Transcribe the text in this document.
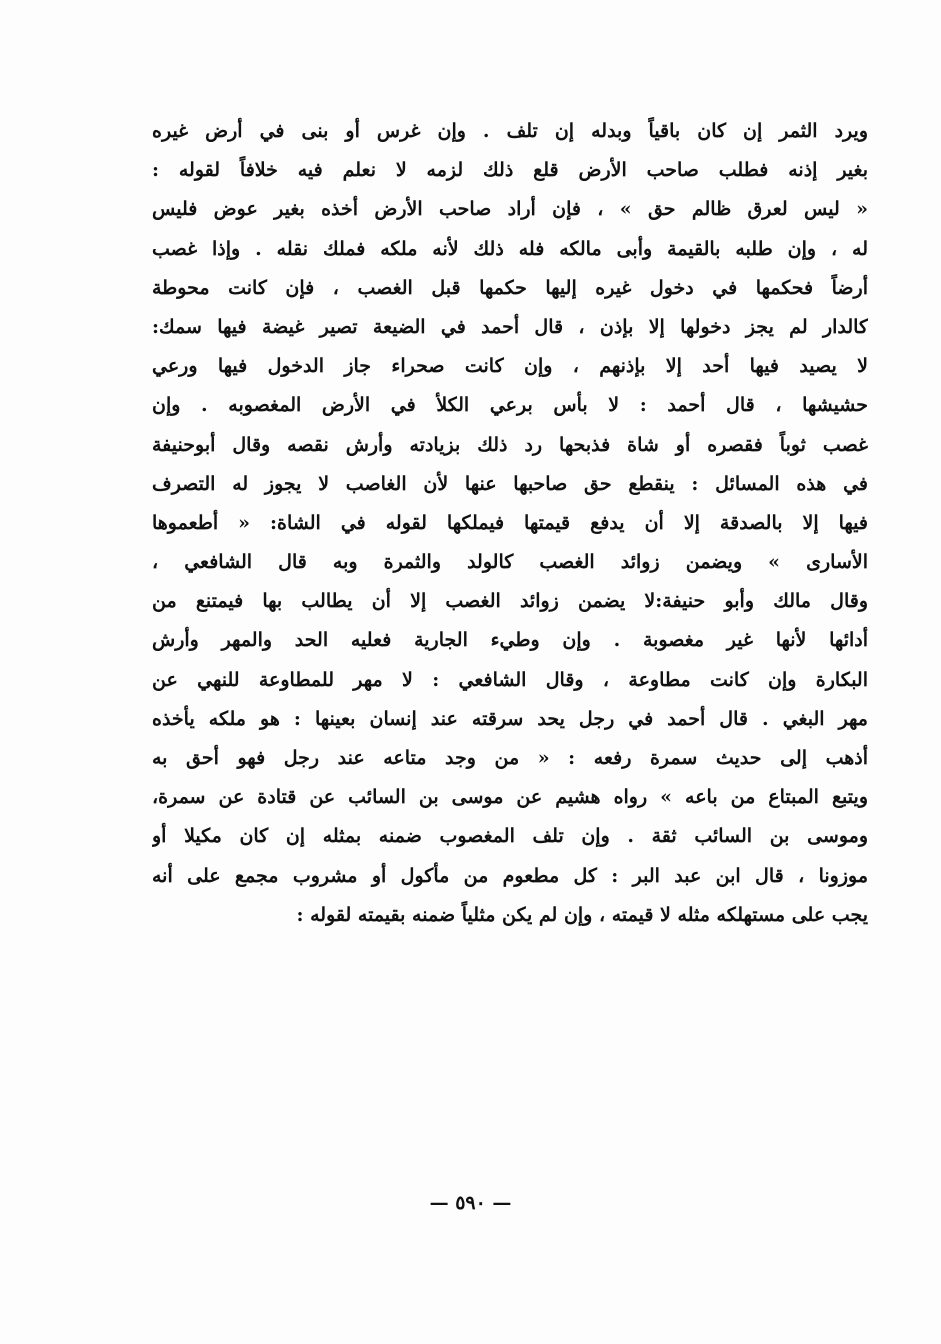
ويرد الثمر إن كان باقياً وبدله إن تلف . وإن غرس أو بنى في أرض غيره
بغير إذنه فطلب صاحب الأرض قلع ذلك لزمه لا نعلم فيه خلافاً لقوله :
« ليس لعرق ظالم حق » ، فإن أراد صاحب الأرض أخذه بغير عوض فليس
له ، وإن طلبه بالقيمة وأبى مالكه فله ذلك لأنه ملكه فملك نقله . وإذا غصب
أرضاً فحكمها في دخول غيره إليها حكمها قبل الغصب ، فإن كانت محوطة
كالدار لم يجز دخولها إلا بإذن ، قال أحمد في الضيعة تصير غيضة فيها سمك:
لا يصيد فيها أحد إلا بإذنهم ، وإن كانت صحراء جاز الدخول فيها ورعي
حشيشها ، قال أحمد : لا بأس برعي الكلأ في الأرض المغصوبه . وإن
غصب ثوباً فقصره أو شاة فذبحها رد ذلك بزيادته وأرش نقصه وقال أبوحنيفة
في هذه المسائل : ينقطع حق صاحبها عنها لأن الغاصب لا يجوز له التصرف
فيها إلا بالصدقة إلا أن يدفع قيمتها فيملكها لقوله في الشاة: « أطعموها
الأسارى » ويضمن زوائد الغصب كالولد والثمرة وبه قال الشافعي ،
وقال مالك وأبو حنيفة:لا يضمن زوائد الغصب إلا أن يطالب بها فيمتنع من
أدائها لأنها غير مغصوبة . وإن وطيء الجارية فعليه الحد والمهر وأرش
البكارة وإن كانت مطاوعة ، وقال الشافعي : لا مهر للمطاوعة للنهي عن
مهر البغي . قال أحمد في رجل يحد سرقته عند إنسان بعينها : هو ملكه يأخذه
أذهب إلى حديث سمرة رفعه : « من وجد متاعه عند رجل فهو أحق به
ويتبع المبتاع من باعه » رواه هشيم عن موسى بن السائب عن قتادة عن سمرة،
وموسى بن السائب ثقة . وإن تلف المغصوب ضمنه بمثله إن كان مكيلا أو
موزونا ، قال ابن عبد البر : كل مطعوم من مأكول أو مشروب مجمع على أنه
يجب على مستهلكه مثله لا قيمته ، وإن لم يكن مثلياً ضمنه بقيمته لقوله :
— ٥٩٠ —
